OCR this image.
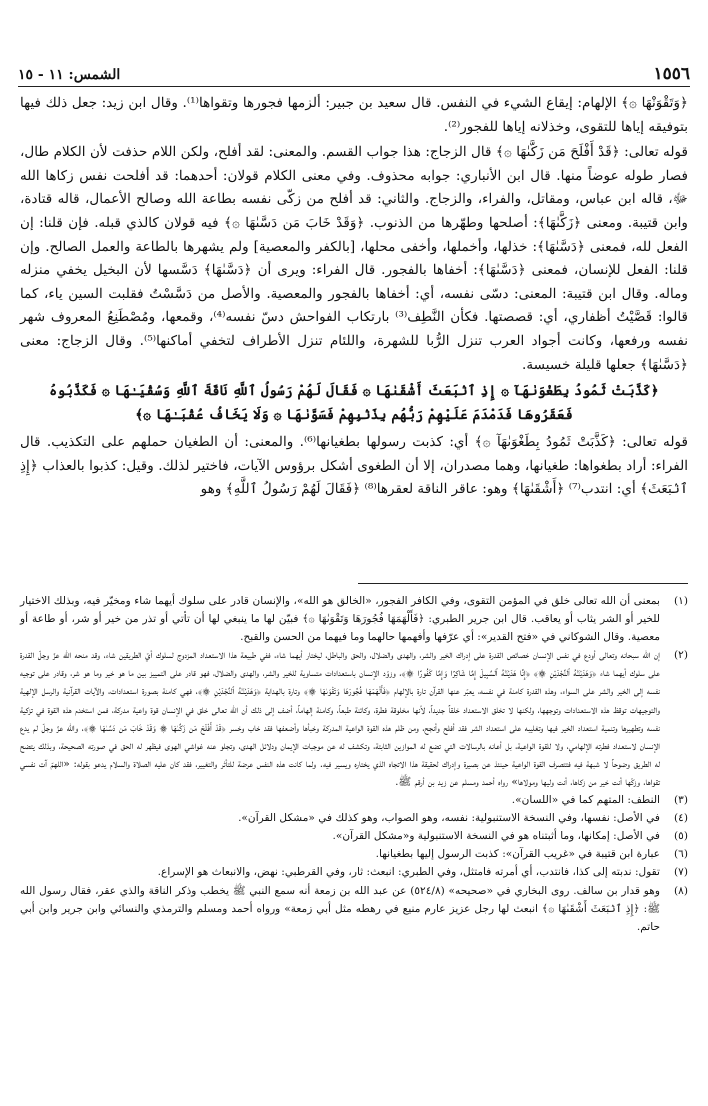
١٥٥٦
الشمس: ١١ - ١٥

﴿وَتَقْوَنْهَا ۞﴾ الإلهام: إيقاع الشيء في النفس. قال سعيد بن جبير: ألزمها فجورها وتقواها⁽¹⁾. وقال ابن زيد: جعل ذلك فيها بتوفيقه إياها للتقوى، وخذلانه إياها للفجور⁽²⁾.

قوله تعالى: ﴿قَدْ أَفْلَحَ مَن زَكَّىٰهَا ۞﴾ قال الزجاج: هذا جواب القسم. والمعنى: لقد أفلح، ولكن اللام حذفت لأن الكلام طال، فصار طوله عوضاً منها. قال ابن الأنباري: جوابه محذوف. وفي معنى الكلام قولان: أحدهما: قد أفلحت نفس زكاها الله ﷻ، قاله ابن عباس، ومقاتل، والفراء، والزجاج. والثاني: قد أفلح من زكّى نفسه بطاعة الله وصالح الأعمال، قاله قتادة، وابن قتيبة. ومعنى ﴿زَكَّىٰهَا﴾: أصلحها وطهّرها من الذنوب. ﴿وَقَدْ خَابَ مَن دَسَّىٰهَا ۞﴾ فيه قولان كالذي قبله. فإن قلنا: إن الفعل لله، فمعنى ﴿دَسَّىٰهَا﴾: خذلها، وأخملها، وأخفى محلها، [بالكفر والمعصية] ولم يشهرها بالطاعة والعمل الصالح. وإن قلنا: الفعل للإنسان، فمعنى ﴿دَسَّىٰهَا﴾: أخفاها بالفجور. قال الفراء: ويرى أن ﴿دَسَّىٰهَا﴾ دَسَّسها لأن البخيل يخفي منزله وماله. وقال ابن قتيبة: المعنى: دسّى نفسه، أي: أخفاها بالفجور والمعصية. والأصل من دَسَّسْتُ فقلبت السين ياء، كما قالوا: قَصَّيْتُ أظفاري، أي: قصصتها. فكأن النَّطِف⁽³⁾ بارتكاب الفواحش دسّ نفسه⁽⁴⁾، وقمعها، ومُصْطَنِعُ المعروف شهر نفسه ورفعها، وكانت أجواد العرب تنزل الرُّبا للشهرة، واللئام تنزل الأطراف لتخفي أماكنها⁽⁵⁾. وقال الزجاج: معنى ﴿دَسَّىٰهَا﴾ جعلها قليلة خسيسة.

﴿كَذَّبَتْ ثَمُودُ بِطَغْوَىٰهَآ ۞ إِذِ ٱنۢبَعَثَ أَشْقَىٰهَا ۞ فَقَالَ لَهُمْ رَسُولُ ٱللَّهِ نَاقَةَ ٱللَّهِ وَسُقْيَـٰهَا ۞ فَكَذَّبُوهُ فَعَقَرُوهَا فَدَمْدَمَ عَلَيْهِمْ رَبُّهُم بِذَنۢبِهِمْ فَسَوَّىٰهَا ۞ وَلَا يَخَافُ عُقْبَـٰهَا ۞﴾

قوله تعالى: ﴿كَذَّبَتْ ثَمُودُ بِطَغْوَىٰهَآ ۞﴾ أي: كذبت رسولها بطغيانها⁽⁶⁾. والمعنى: أن الطغيان حملهم على التكذيب. قال الفراء: أراد بطغواها: طغيانها، وهما مصدران، إلا أن الطغوى أشكل برؤوس الآيات، فاختير لذلك. وقيل: كذبوا بالعذاب ﴿إِذِ ٱنۢبَعَثَ﴾ أي: انتدب⁽⁷⁾ ﴿أَشْقَىٰهَا﴾ وهو: عاقر الناقة لعقرها⁽⁸⁾ ﴿فَقَالَ لَهُمْ رَسُولُ ٱللَّهِ﴾ وهو

(١)
بمعنى أن الله تعالى خلق في المؤمن التقوى، وفي الكافر الفجور، «الخالق هو الله»، والإنسان قادر على سلوك أيهما شاء ومخيّر فيه، وبذلك الاختيار للخير أو الشر يثاب أو يعاقب. قال ابن جرير الطبري: ﴿فَأَلْهَمَهَا فُجُورَهَا وَتَقْوَىٰهَا ۞﴾ فبيّن لها ما ينبغي لها أن تأتي أو تذر من خير أو شر، أو طاعة أو معصية. وقال الشوكاني في «فتح القدير»: أي عرّفها وأفهمها حالهما وما فيهما من الحسن والقبح.
(٢)
إن الله سبحانه وتعالى أودع في نفس الإنسان خصائص القدرة على إدراك الخير والشر، والهدى والضلال، والحق والباطل، ليختار أيهما شاء، ففي طبيعة هذا الاستعداد المزدوج لسلوك أيّ الطريقين شاء، وقد منحه الله عزّ وجلّ القدرة على سلوك أيهما شاء ﴿وَهَدَيْنَـٰهُ ٱلنَّجْدَيْنِ ۞﴾ ﴿إِنَّا هَدَيْنَـٰهُ ٱلسَّبِيلَ إِمَّا شَاكِرًا وَإِمَّا كَفُورًا ۞﴾، وزوّد الإنسان باستعدادات متساوية للخير والشر، والهدى والضلال، فهو قادر على التمييز بين ما هو خير وما هو شر، وقادر على توجيه نفسه إلى الخير والشر على السواء، وهذه القدرة كامنة في نفسه، يعبّر عنها القرآن تارة بالإلهام ﴿فَأَلْهَمَهَا فُجُورَهَا وَتَقْوَىٰهَا ۞﴾ وتارة بالهداية ﴿وَهَدَيْنَـٰهُ ٱلنَّجْدَيْنِ ۞﴾، فهي كامنة بصورة استعدادات، والآيات القرآنية والرسل الإلهية والتوجيهات توقظ هذه الاستعدادات وتوجهها، ولكنها لا تخلق الاستعداد خلقاً جديداً، لأنها مخلوقة فطرة، وكائنة طبعاً، وكامنة إلهاماً، أضف إلى ذلك أن الله تعالى خلق في الإنسان قوة واعية مدركة، فمن استخدم هذه القوة في تزكية نفسه وتطهيرها وتنمية استعداد الخير فيها وتغليبه على استعداد الشر فقد أفلح وأنجح، ومن ظلم هذه القوة الواعية المدركة وخبأها وأضعفها فقد خاب وخسر ﴿قَدْ أَفْلَحَ مَن زَكَّىٰهَا ۞ وَقَدْ خَابَ مَن دَسَّىٰهَا ۞﴾، والله عزّ وجلّ لم يدع الإنسان لاستعداد فطرته الإلهامي، ولا للقوة الواعية، بل أعانه بالرسالات التي تضع له الموازين الثابتة، وتكشف له عن موجبات الإيمان ودلائل الهدى، وتجلو عنه غواشي الهوى فيظهر له الحق في صورته الصحيحة، وبذلك يتضح له الطريق وضوحاً لا شبهة فيه فتتصرف القوة الواعية حينئذ عن بصيرة وإدراك لحقيقة هذا الاتجاه الذي يختاره ويسير فيه. ولما كانت هذه النفس عرضة للتأثر والتغيير، فقد كان عليه الصلاة والسلام يدعو بقوله: «اللهمّ آت نفسي تقواها، وزكّها أنت خير من زكاها، أنت وليها ومولاها» رواه أحمد ومسلم عن زيد بن أرقم ﷺ.
(٣)
النطف: المتهم كما في «اللسان».
(٤)
في الأصل: نفسها، وفي النسخة الاستنبولية: نفسه، وهو الصواب، وهو كذلك في «مشكل القرآن».
(٥)
في الأصل: إمكانها، وما أثبتناه هو في النسخة الاستنبولية و«مشكل القرآن».
(٦)
عبارة ابن قتيبة في «غريب القرآن»: كذبت الرسول إليها بطغيانها.
(٧)
تقول: ندبته إلى كذا، فانتدب، أي أمرته فامتثل، وفي الطبري: انبعث: ثار، وفي القرطبي: نهض، والانبعاث هو الإسراع.
(٨)
وهو قدار بن سالف. روى البخاري في «صحيحه» (٥٢٤/٨) عن عبد الله بن زمعة أنه سمع النبي ﷺ يخطب وذكر الناقة والذي عقر، فقال رسول الله ﷺ: ﴿إِذِ ٱنۢبَعَثَ أَشْقَىٰهَا ۞﴾ انبعث لها رجل عزيز عارم منيع في رهطه مثل أبي زمعة» ورواه أحمد ومسلم والترمذي والنسائي وابن جرير وابن أبي حاتم.
